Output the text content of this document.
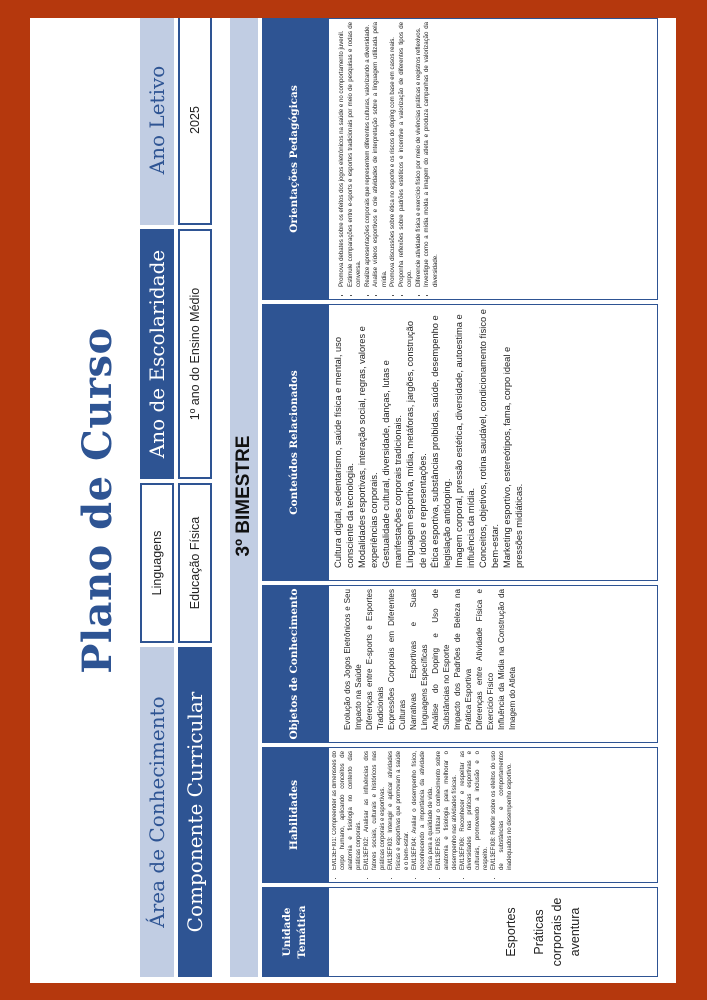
Plano de Curso
Área de Conhecimento
Linguagens
Ano de Escolaridade
Ano Letivo
Componente Curricular
Educação Física
1º ano do Ensino Médio
2025
3º BIMESTRE
Unidade Temática
Habilidades
Objetos de Conhecimento
Conteúdos Relacionados
Orientações Pedagógicas
Esportes Práticas corporais de aventura
• EM13EFI01: Compreender as dimensões do corpo humano, aplicando conceitos de anatomia e fisiologia no contexto das práticas corporais. • EM13EFI02: Analisar as influências dos fatores sociais, culturais e históricos nas práticas corporais e esportivas. • EM13EFI03: Interagir e aplicar atividades físicas e esportivas que promovam a saúde e o bem-estar. • EM13EFI04: Avaliar o desempenho físico, reconhecendo a importância da atividade física para a qualidade de vida. • EM13EFI05: Utilizar o conhecimento sobre anatomia e fisiologia para melhorar o desempenho nas atividades físicas. • EM13EFI06: Reconhecer e respeitar as diversidades nas práticas esportivas e culturais, promovendo a inclusão e o respeito. • EM13EFI08: Refletir sobre os efeitos do uso de substâncias e comportamentos inadequados no desempenho esportivo.
• Evolução dos Jogos Eletrônicos e Seu Impacto na Saúde • Diferenças entre E-sports e Esportes Tradicionais • Expressões Corporais em Diferentes Culturas • Narrativas Esportivas e Suas Linguagens Específicas • Análise do Doping e Uso de Substâncias no Esporte • Impacto dos Padrões de Beleza na Prática Esportiva • Diferenças entre Atividade Física e Exercício Físico • Influência da Mídia na Construção da Imagem do Atleta
• Cultura digital, sedentarismo, saúde física e mental, uso consciente da tecnologia. • Modalidades esportivas, interação social, regras, valores e experiências corporais. • Gestualidade cultural, diversidade, danças, lutas e manifestações corporais tradicionais. • Linguagem esportiva, mídia, metáforas, jargões, construção de ídolos e representações. • Ética esportiva, substâncias proibidas, saúde, desempenho e legislação antidoping. • Imagem corporal, pressão estética, diversidade, autoestima e influência da mídia. • Conceitos, objetivos, rotina saudável, condicionamento físico e bem-estar. • Marketing esportivo, estereótipos, fama, corpo ideal e pressões midiáticas.
• Promova debates sobre os efeitos dos jogos eletrônicos na saúde e no comportamento juvenil. • Estimule comparações entre e-sports e esportes tradicionais por meio de pesquisas e rodas de conversa. • Realize apresentações corporais que representem diferentes culturas, valorizando a diversidade. • Analise vídeos esportivos e crie atividades de interpretação sobre a linguagem utilizada pela mídia. • Promova discussões sobre ética no esporte e os riscos do doping com base em casos reais. • Proponha reflexões sobre padrões estéticos e incentive a valorização de diferentes tipos de corpo. • Diferencie atividade física e exercício físico por meio de vivências práticas e registros reflexivos. • Investigue como a mídia molda a imagem do atleta e produza campanhas de valorização da diversidade.
